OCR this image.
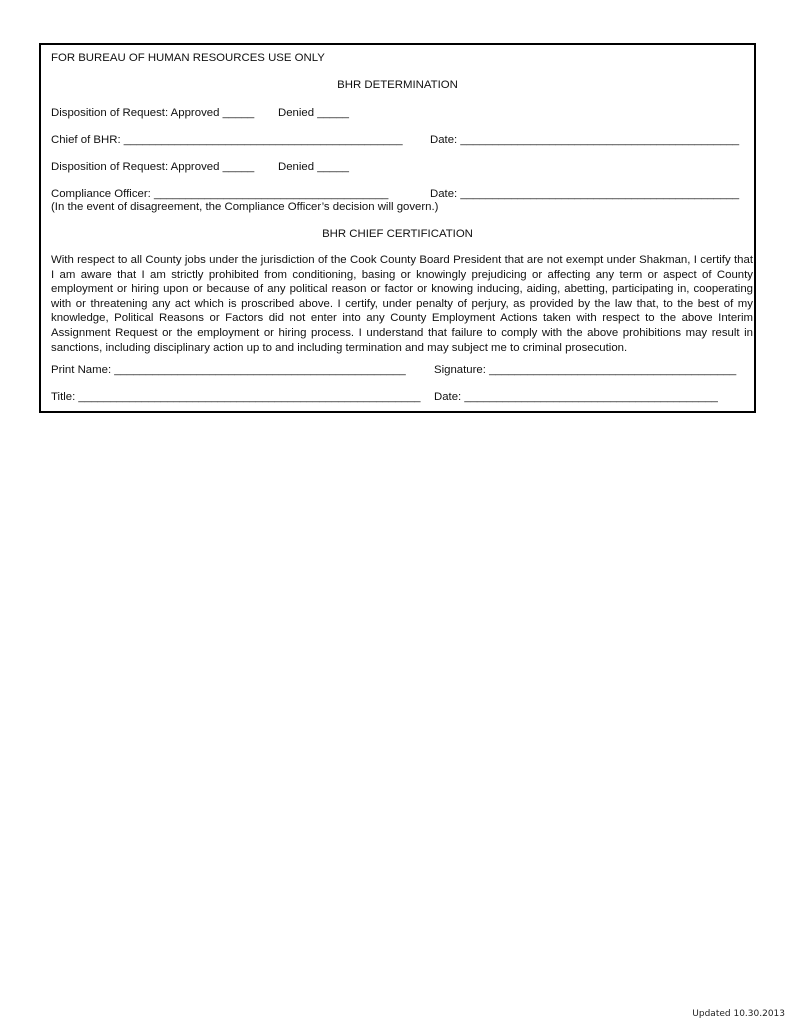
FOR BUREAU OF HUMAN RESOURCES USE ONLY
BHR DETERMINATION
Disposition of Request: Approved _____ Denied _____
Chief of BHR: ____________________________________________ Date: ____________________________________________
Disposition of Request: Approved _____ Denied _____
Compliance Officer: _____________________________________	Date: ____________________________________________
(In the event of disagreement, the Compliance Officer’s decision will govern.)
BHR CHIEF CERTIFICATION
With respect to all County jobs under the jurisdiction of the Cook County Board President that are not exempt under Shakman, I certify that I am aware that I am strictly prohibited from conditioning, basing or knowingly prejudicing or affecting any term or aspect of County employment or hiring upon or because of any political reason or factor or knowing inducing, aiding, abetting, participating in, cooperating with or threatening any act which is proscribed above. I certify, under penalty of perjury, as provided by the law that, to the best of my knowledge, Political Reasons or Factors did not enter into any County Employment Actions taken with respect to the above Interim Assignment Request or the employment or hiring process. I understand that failure to comply with the above prohibitions may result in sanctions, including disciplinary action up to and including termination and may subject me to criminal prosecution.
Print Name: ______________________________________________ Signature: _______________________________________
Title: ______________________________________________________ Date: ________________________________________
Updated 10.30.2013
